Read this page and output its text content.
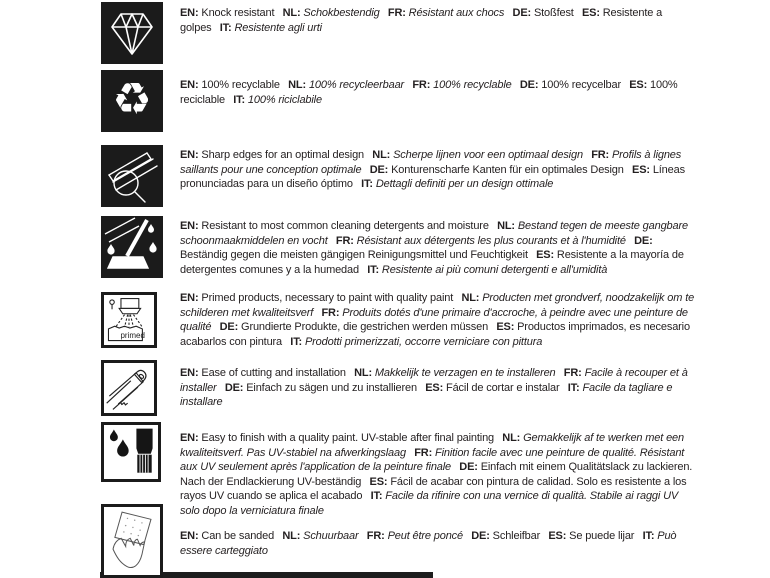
EN: Knock resistant  NL: Schokbestendig  FR: Résistant aux chocs  DE: Stoßfest  ES: Resistente a golpes  IT: Resistente agli urti
♻	EN: 100% recyclable  NL: 100% recycleerbaar  FR: 100% recyclable  DE: 100% recycelbar  ES: 100% reciclable  IT: 100% riciclabile
EN: Sharp edges for an optimal design  NL: Scherpe lijnen voor een optimaal design  FR: Profils à lignes saillants pour une conception optimale  DE: Konturenscharfe Kanten für ein optimales Design  ES: Líneas pronunciadas para un diseño óptimo  IT: Dettagli definiti per un design ottimale
EN: Resistant to most common cleaning detergents and moisture  NL: Bestand tegen de meeste gangbare schoonmaakmiddelen en vocht  FR: Résistant aux détergents les plus courants et à l'humidité  DE: Beständig gegen die meisten gängigen Reinigungsmittel und Feuchtigkeit  ES: Resistente a la mayoría de detergentes comunes y a la humedad  IT: Resistente ai più comuni detergenti e all'umidità
primed
EN: Primed products, necessary to paint with quality paint  NL: Producten met grondverf, noodzakelijk om te schilderen met kwaliteitsverf  FR: Produits dotés d'une primaire d'accroche, à peindre avec une peinture de qualité  DE: Grundierte Produkte, die gestrichen werden müssen  ES: Productos imprimados, es necesario acabarlos con pintura  IT: Prodotti primerizzati, occorre verniciare con pittura
EN: Ease of cutting and installation  NL: Makkelijk te verzagen en te installeren  FR: Facile à recouper et à installer  DE: Einfach zu sägen und zu installieren  ES: Fácil de cortar e instalar  IT: Facile da tagliare e installare
EN: Easy to finish with a quality paint. UV-stable after final painting  NL: Gemakkelijk af te werken met een kwaliteitsverf. Pas UV-stabiel na afwerkingslaag  FR: Finition facile avec une peinture de qualité. Résistant aux UV seulement après l'application de la peinture finale  DE: Einfach mit einem Qualitätslack zu lackieren. Nach der Endlackierung UV-beständig  ES: Fácil de acabar con pintura de calidad. Solo es resistente a los rayos UV cuando se aplica el acabado  IT: Facile da rifinire con una vernice di qualità. Stabile ai raggi UV solo dopo la verniciatura finale
EN: Can be sanded  NL: Schuurbaar  FR: Peut être poncé  DE: Schleifbar  ES: Se puede lijar  IT: Può essere carteggiato
